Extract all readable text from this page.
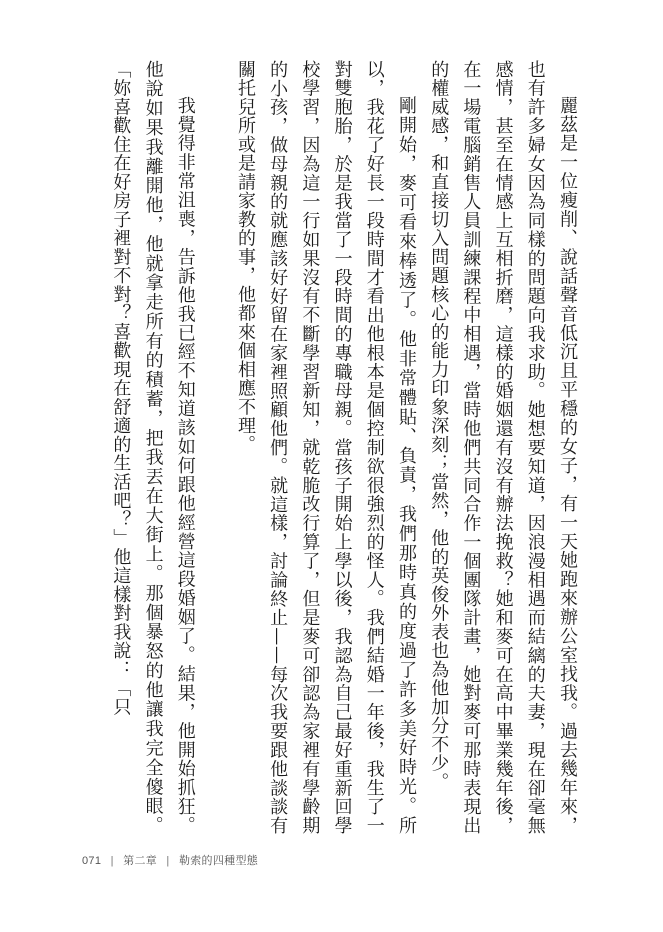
麗茲是一位瘦削、說話聲音低沉且平穩的女子，有一天她跑來辦公室找我。過去幾年來，也有許多婦女因為同樣的問題向我求助。她想要知道，因浪漫相遇而結縭的夫妻，現在卻毫無感情，甚至在情感上互相折磨，這樣的婚姻還有沒有辦法挽救？她和麥可在高中畢業幾年後，在一場電腦銷售人員訓練課程中相遇，當時他們共同合作一個團隊計畫，她對麥可那時表現出的權威感，和直接切入問題核心的能力印象深刻；當然，他的英俊外表也為他加分不少。

剛開始，麥可看來棒透了。他非常體貼、負責，我們那時真的度過了許多美好時光。所以，我花了好長一段時間才看出他根本是個控制欲很強烈的怪人。我們結婚一年後，我生了一對雙胞胎，於是我當了一段時間的專職母親。當孩子開始上學以後，我認為自己最好重新回學校學習，因為這一行如果沒有不斷學習新知，就乾脆改行算了，但是麥可卻認為家裡有學齡期的小孩，做母親的就應該好好留在家裡照顧他們。就這樣，討論終止——每次我要跟他談談有關托兒所或是請家教的事，他都來個相應不理。

我覺得非常沮喪，告訴他我已經不知道該如何跟他經營這段婚姻了。結果，他開始抓狂。他說如果我離開他，他就拿走所有的積蓄，把我丟在大街上。那個暴怒的他讓我完全傻眼。「妳喜歡住在好房子裡對不對？喜歡現在舒適的生活吧？」他這樣對我說：「只

071 | 第二章 | 勒索的四種型態
